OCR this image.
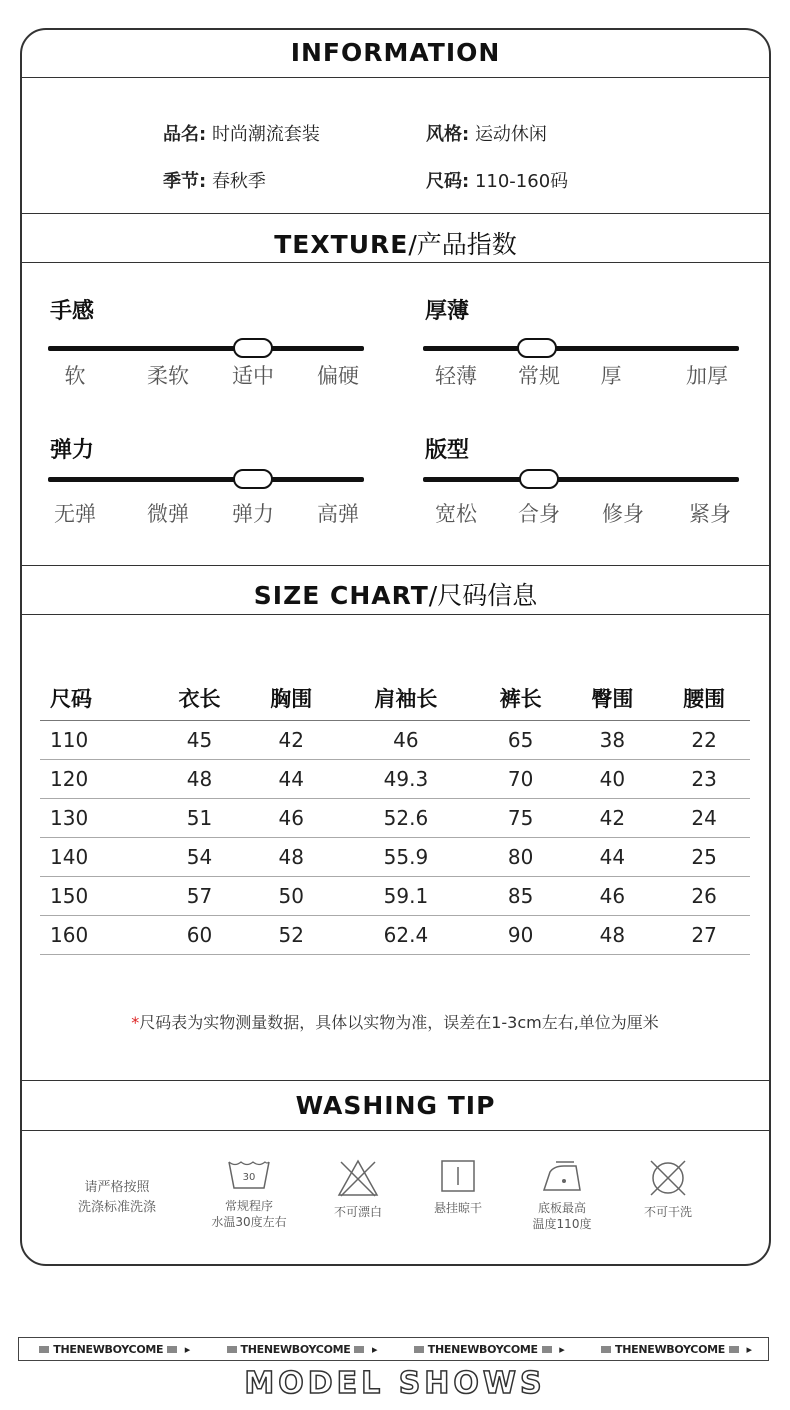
INFORMATION
品名: 时尚潮流套装	风格: 运动休闲
季节: 春秋季	尺码: 110-160码
TEXTURE/产品指数
手感
软	柔软	适中	偏硬
厚薄
轻薄	常规	厚	加厚
弹力
无弹	微弹	弹力	高弹
版型
宽松	合身	修身	紧身
SIZE CHART/尺码信息
WASHING TIP
尺码	衣长	胸围	肩袖长	裤长	臀围	腰围
110	45	42	46	65	38	22
120	48	44	49.3	70	40	23
130	51	46	52.6	75	42	24
140	54	48	55.9	80	44	25
150	57	50	59.1	85	46	26
160	60	52	62.4	90	48	27
*尺码表为实物测量数据，具体以实物为准，误差在1-3cm左右,单位为厘米
请严格按照
洗涤标准洗涤
30
常规程序
水温30度左右
不可漂白	悬挂晾干	底板最高
温度110度
不可干洗
THENEWBOYCOME ▸	THENEWBOYCOME ▸	THENEWBOYCOME ▸	THENEWBOYCOME ▸
MODEL SHOWS
